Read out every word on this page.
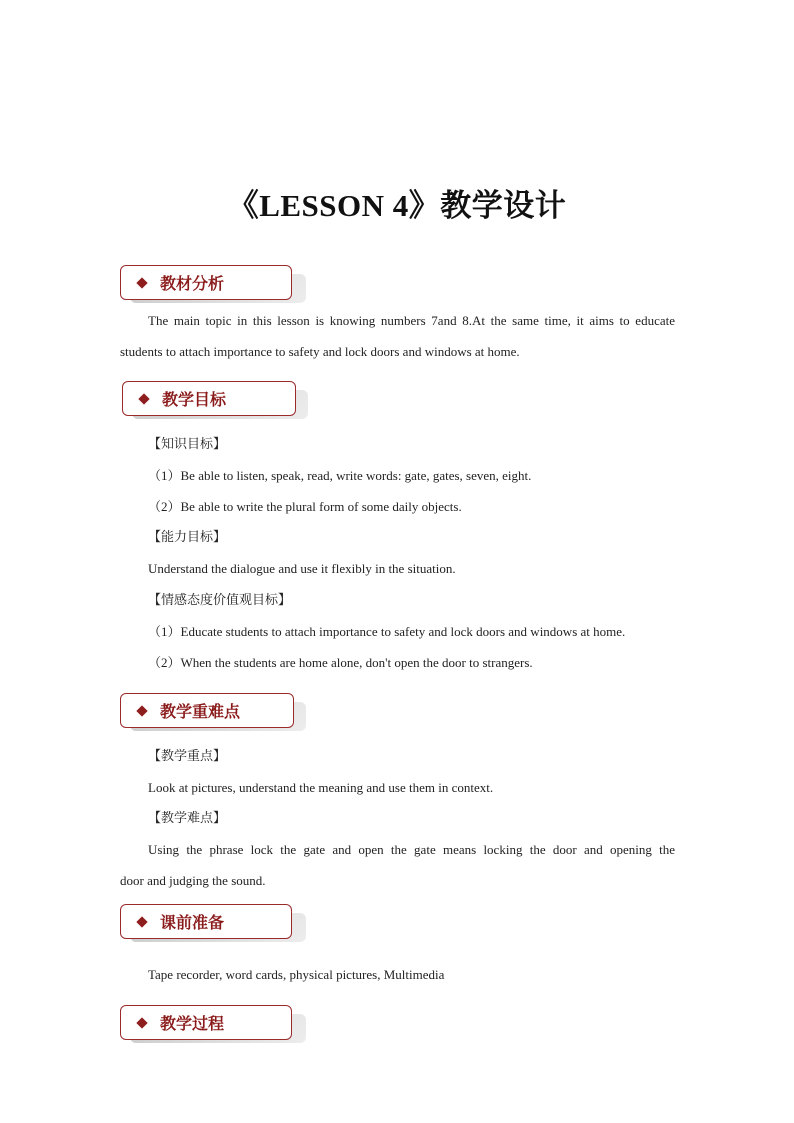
《LESSON 4》教学设计
教材分析
The main topic in this lesson is knowing numbers 7and 8.At the same time, it aims to educate
students to attach importance to safety and lock doors and windows at home.
教学目标
【知识目标】
（1）Be able to listen, speak, read, write words: gate, gates, seven, eight.
（2）Be able to write the plural form of some daily objects.
【能力目标】
Understand the dialogue and use it flexibly in the situation.
【情感态度价值观目标】
（1）Educate students to attach importance to safety and lock doors and windows at home.
（2）When the students are home alone, don't open the door to strangers.
教学重难点
【教学重点】
Look at pictures, understand the meaning and use them in context.
【教学难点】
Using the phrase lock the gate and open the gate means locking the door and opening the
door and judging the sound.
课前准备
Tape recorder, word cards, physical pictures, Multimedia
教学过程
